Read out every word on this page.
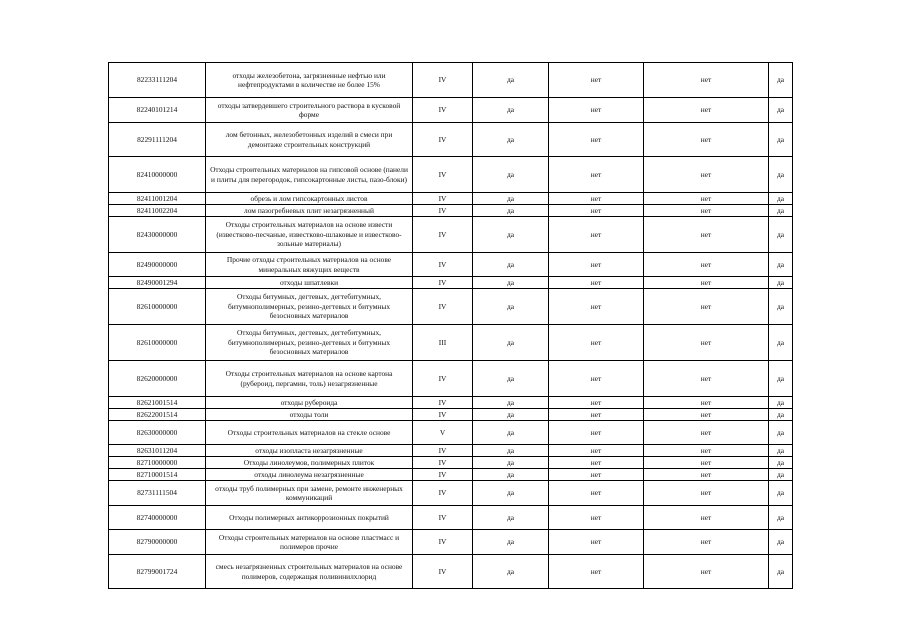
82233111204	отходы железобетона, загрязненные нефтью или нефтепродуктами в количестве не более 15%	IV	да	нет	нет	да
82240101214	отходы затвердевшего строительного раствора в кусковой форме	IV	да	нет	нет	да
82291111204	лом бетонных, железобетонных изделий в смеси при демонтаже строительных конструкций	IV	да	нет	нет	да
82410000000	Отходы строительных материалов на гипсовой основе (панели и плиты для перегородок, гипсокартонные листы, пазо-блоки)	IV	да	нет	нет	да
82411001204	обрезь и лом гипсокартонных листов	IV	да	нет	нет	да
82411002204	лом пазогребневых плит незагрязненный	IV	да	нет	нет	да
82430000000	Отходы строительных материалов на основе извести (известково-песчаные, известково-шлаковые и известково-зольные материалы)	IV	да	нет	нет	да
82490000000	Прочие отходы строительных материалов на основе минеральных вяжущих веществ	IV	да	нет	нет	да
82490001294	отходы шпатлевки	IV	да	нет	нет	да
82610000000	Отходы битумных, дегтевых, дегтебитумных, битумнополимерных, резино-дегтевых и битумных безосновных материалов	IV	да	нет	нет	да
82610000000	Отходы битумных, дегтевых, дегтебитумных, битумнополимерных, резино-дегтевых и битумных безосновных материалов	III	да	нет	нет	да
82620000000	Отходы строительных материалов на основе картона (рубероид, пергамин, толь) незагрязненные	IV	да	нет	нет	да
82621001514	отходы рубероида	IV	да	нет	нет	да
82622001514	отходы толи	IV	да	нет	нет	да
82630000000	Отходы строительных материалов на стекле основе	V	да	нет	нет	да
82631011204	отходы изопласта незагрязненные	IV	да	нет	нет	да
82710000000	Отходы линолеумов, полимерных плиток	IV	да	нет	нет	да
82710001514	отходы линолеума незагрязненные	IV	да	нет	нет	да
82731111504	отходы труб полимерных при замене, ремонте инженерных коммуникаций	IV	да	нет	нет	да
82740000000	Отходы полимерных антикоррозионных покрытий	IV	да	нет	нет	да
82790000000	Отходы строительных материалов на основе пластмасс и полимеров прочие	IV	да	нет	нет	да
82799001724	смесь незагрязненных строительных материалов на основе полимеров, содержащая поливинилхлорид	IV	да	нет	нет	да
